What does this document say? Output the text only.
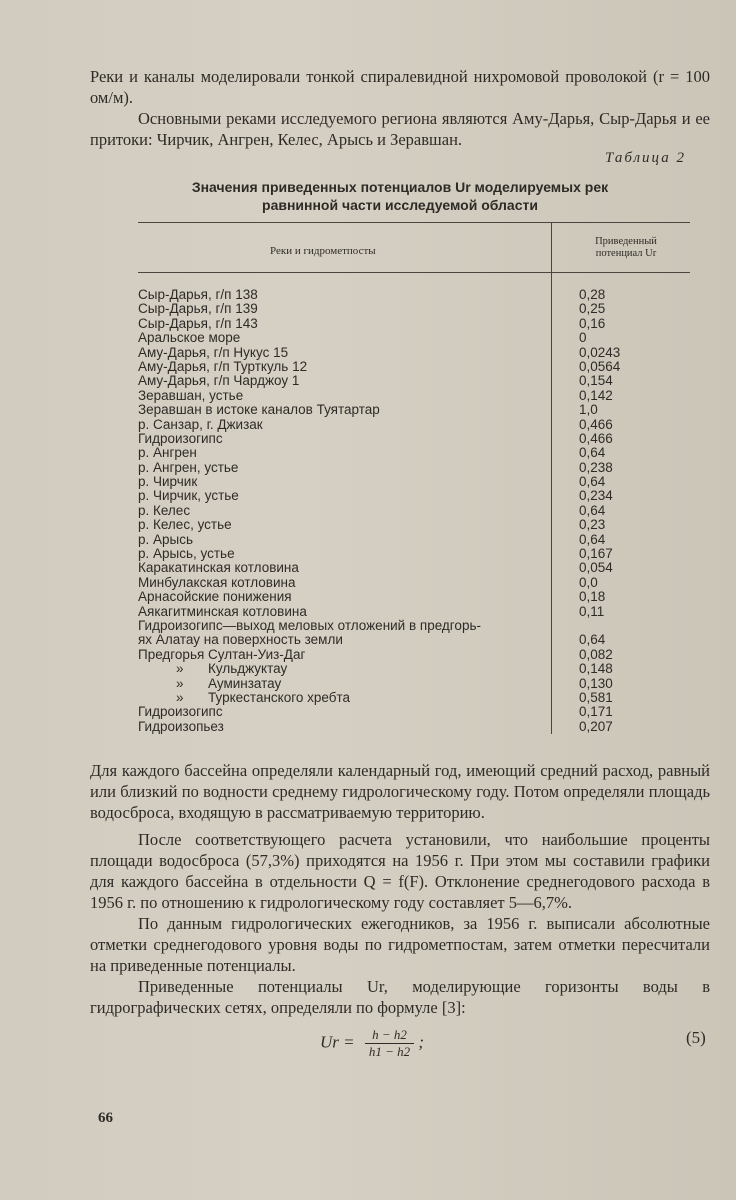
Реки и каналы моделировали тонкой спиралевидной нихромовой проволокой (r = 100 ом/м).

Основными реками исследуемого региона являются Аму-Дарья, Сыр-Дарья и ее притоки: Чирчик, Ангрен, Келес, Арысь и Зеравшан.

Таблица 2
Значения приведенных потенциалов Ur моделируемых рек
равнинной части исследуемой области
Реки и гидрометпосты
Приведенный
потенциал Ur
Сыр-Дарья, г/п 138	0,28
Сыр-Дарья, г/п 139	0,25
Сыр-Дарья, г/п 143	0,16
Аральское море	0
Аму-Дарья, г/п Нукус 15	0,0243
Аму-Дарья, г/п Турткуль 12	0,0564
Аму-Дарья, г/п Чарджоу 1	0,154
Зеравшан, устье	0,142
Зеравшан в истоке каналов Туятартар	1,0
р. Санзар, г. Джизак	0,466
Гидроизогипс	0,466
р. Ангрен	0,64
р. Ангрен, устье	0,238
р. Чирчик	0,64
р. Чирчик, устье	0,234
р. Келес	0,64
р. Келес, устье	0,23
р. Арысь	0,64
р. Арысь, устье	0,167
Каракатинская котловина	0,054
Минбулакская котловина	0,0
Арнасойские понижения	0,18
Аякагитминская котловина	0,11
Гидроизогипс—выход меловых отложений в предгорь-
ях Алатау на поверхность земли	0,64
Предгорья Султан-Уиз-Даг	0,082
» Кульджуктау	0,148
» Ауминзатау	0,130
» Туркестанского хребта	0,581
Гидроизогипс	0,171
Гидроизопьез	0,207

Для каждого бассейна определяли календарный год, имеющий средний расход, равный или близкий по водности среднему гидрологическому году. Потом определяли площадь водосброса, входящую в рассматриваемую территорию.

После соответствующего расчета установили, что наибольшие проценты площади водосброса (57,3%) приходятся на 1956 г. При этом мы составили графики для каждого бассейна в отдельности Q = f(F). Отклонение среднегодового расхода в 1956 г. по отношению к гидрологическому году составляет 5—6,7%.

По данным гидрологических ежегодников, за 1956 г. выписали абсолютные отметки среднегодового уровня воды по гидрометпостам, затем отметки пересчитали на приведенные потенциалы.

Приведенные потенциалы Ur, моделирующие горизонты воды в гидрографических сетях, определяли по формуле [3]:

$Ur = \frac{h - h2}{h1 - h2}$ ;	(5)
66
